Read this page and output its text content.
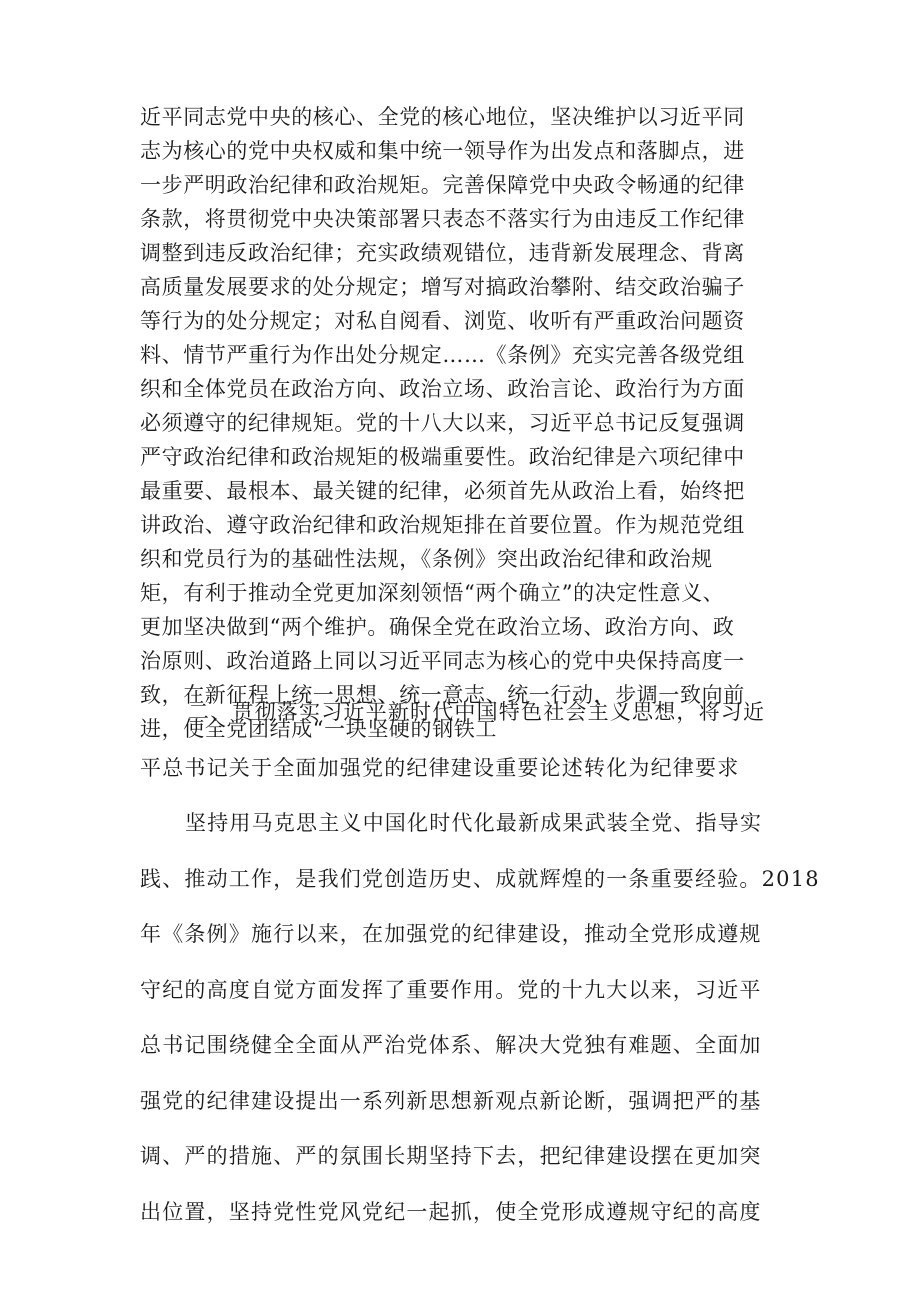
近平同志党中央的核心、全党的核心地位，坚决维护以习近平同
志为核心的党中央权威和集中统一领导作为出发点和落脚点，进
一步严明政治纪律和政治规矩。完善保障党中央政令畅通的纪律
条款，将贯彻党中央决策部署只表态不落实行为由违反工作纪律
调整到违反政治纪律；充实政绩观错位，违背新发展理念、背离
高质量发展要求的处分规定；增写对搞政治攀附、结交政治骗子
等行为的处分规定；对私自阅看、浏览、收听有严重政治问题资
料、情节严重行为作出处分规定……《条例》充实完善各级党组
织和全体党员在政治方向、政治立场、政治言论、政治行为方面
必须遵守的纪律规矩。党的十八大以来，习近平总书记反复强调
严守政治纪律和政治规矩的极端重要性。政治纪律是六项纪律中
最重要、最根本、最关键的纪律，必须首先从政治上看，始终把
讲政治、遵守政治纪律和政治规矩排在首要位置。作为规范党组
织和党员行为的基础性法规，《条例》突出政治纪律和政治规
矩，有利于推动全党更加深刻领悟“两个确立”的决定性意义、
更加坚决做到“两个维护。确保全党在政治立场、政治方向、政
治原则、政治道路上同以习近平同志为核心的党中央保持高度一
致，在新征程上统一思想、统一意志、统一行动，步调一致向前
进，使全党团结成“一块坚硬的钢铁工
二、贯彻落实习近平新时代中国特色社会主义思想，将习近
平总书记关于全面加强党的纪律建设重要论述转化为纪律要求
坚持用马克思主义中国化时代化最新成果武装全党、指导实
践、推动工作，是我们党创造历史、成就辉煌的一条重要经验。2018
年《条例》施行以来，在加强党的纪律建设，推动全党形成遵规
守纪的高度自觉方面发挥了重要作用。党的十九大以来，习近平
总书记围绕健全全面从严治党体系、解决大党独有难题、全面加
强党的纪律建设提出一系列新思想新观点新论断，强调把严的基
调、严的措施、严的氛围长期坚持下去，把纪律建设摆在更加突
出位置，坚持党性党风党纪一起抓，使全党形成遵规守纪的高度
